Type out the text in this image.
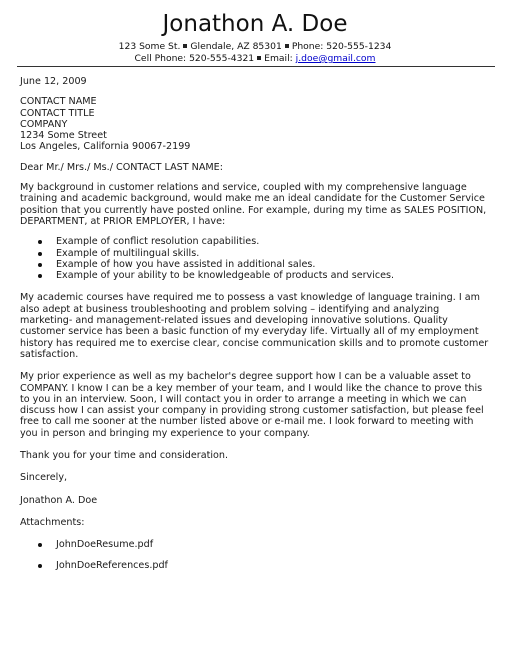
Jonathon A. Doe
123 Some St. Glendale, AZ 85301 Phone: 520-555-1234
Cell Phone: 520-555-4321 Email: j.doe@gmail.com

June 12, 2009

CONTACT NAME

CONTACT TITLE

COMPANY

1234 Some Street

Los Angeles, California 90067-2199

Dear Mr./ Mrs./ Ms./ CONTACT LAST NAME:

My background in customer relations and service, coupled with my comprehensive language training and academic background, would make me an ideal candidate for the Customer Service position that you currently have posted online. For example, during my time as SALES POSITION, DEPARTMENT, at PRIOR EMPLOYER, I have:

Example of conflict resolution capabilities.
Example of multilingual skills.
Example of how you have assisted in additional sales.
Example of your ability to be knowledgeable of products and services.

My academic courses have required me to possess a vast knowledge of language training. I am also adept at business troubleshooting and problem solving – identifying and analyzing marketing- and management-related issues and developing innovative solutions. Quality customer service has been a basic function of my everyday life. Virtually all of my employment history has required me to exercise clear, concise communication skills and to promote customer satisfaction.

My prior experience as well as my bachelor's degree support how I can be a valuable asset to COMPANY. I know I can be a key member of your team, and I would like the chance to prove this to you in an interview. Soon, I will contact you in order to arrange a meeting in which we can discuss how I can assist your company in providing strong customer satisfaction, but please feel free to call me sooner at the number listed above or e-mail me. I look forward to meeting with you in person and bringing my experience to your company.

Thank you for your time and consideration.

Sincerely,

Jonathon A. Doe

Attachments:

JohnDoeResume.pdf
JohnDoeReferences.pdf
